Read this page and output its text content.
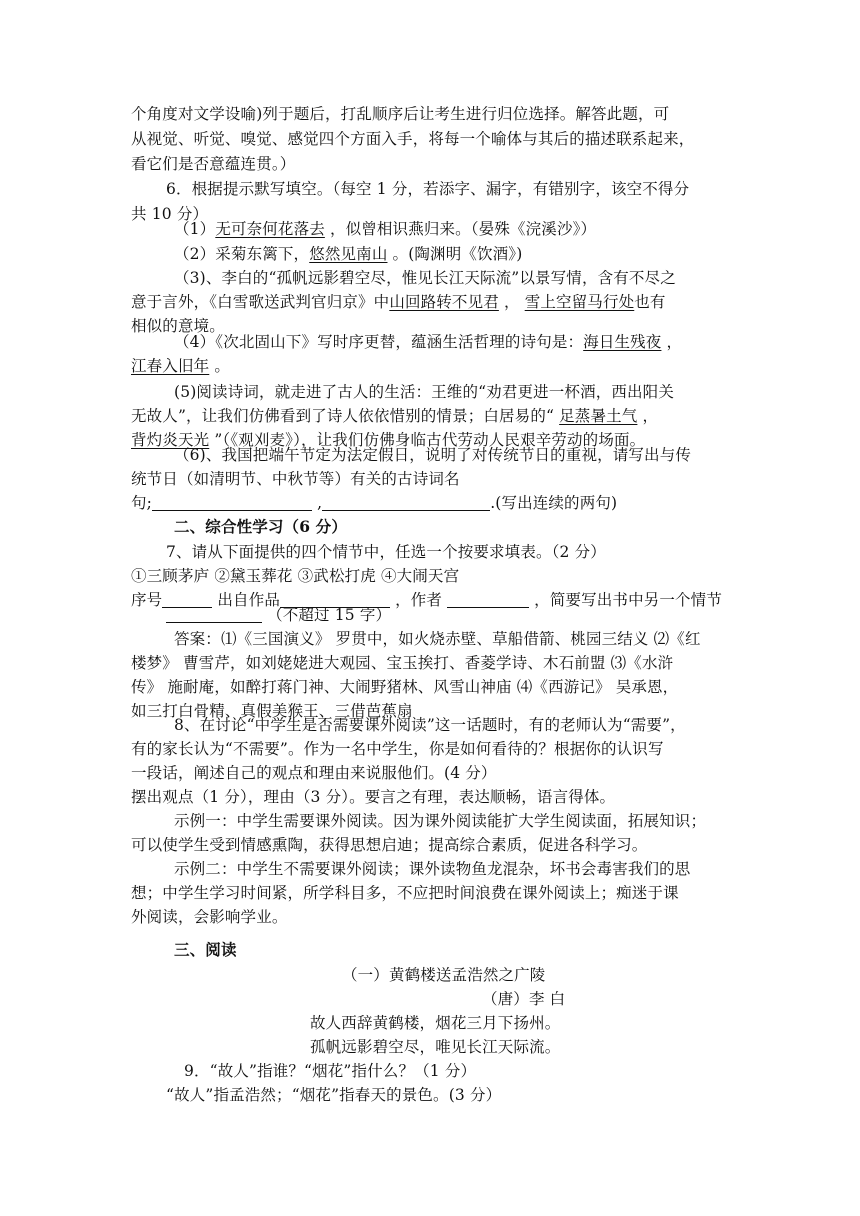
个角度对文学设喻)列于题后，打乱顺序后让考生进行归位选择。解答此题，可
从视觉、听觉、嗅觉、感觉四个方面入手，将每一个喻体与其后的描述联系起来，
看它们是否意蕴连贯。）
6．根据提示默写填空。（每空 1 分，若添字、漏字，有错别字，该空不得分
共 10 分）
（1）无可奈何花落去 ，似曾相识燕归来。（晏殊《浣溪沙》）
（2）采菊东篱下，悠然见南山 。(陶渊明《饮酒》)
（3)、李白的“孤帆远影碧空尽，惟见长江天际流”以景写情，含有不尽之
意于言外，《白雪歌送武判官归京》中山回路转不见君 ， 雪上空留马行处也有
相似的意境。
（4）《次北固山下》写时序更替，蕴涵生活哲理的诗句是：海日生残夜 ，
江春入旧年 。
(5)阅读诗词，就走进了古人的生活：王维的“劝君更进一杯酒，西出阳关
无故人”，让我们仿佛看到了诗人依依惜别的情景；白居易的“ 足蒸暑土气 ，
背灼炎天光 ”（《观刈麦》），让我们仿佛身临古代劳动人民艰辛劳动的场面。
（6)、我国把端午节定为法定假日，说明了对传统节日的重视，请写出与传
统节日（如清明节、中秋节等）有关的古诗词名
句;	,	.(写出连续的两句)
二、综合性学习（6 分）
7、请从下面提供的四个情节中，任选一个按要求填表。（2 分）
①三顾茅庐 ②黛玉葬花 ③武松打虎 ④大闹天宫
序号	出自作品	，作者	，简要写出书中另一个情节
（不超过 15 字）
答案：⑴《三国演义》 罗贯中，如火烧赤壁、草船借箭、桃园三结义 ⑵《红
楼梦》 曹雪芹，如刘姥姥进大观园、宝玉挨打、香菱学诗、木石前盟 ⑶《水浒
传》 施耐庵，如醉打蒋门神、大闹野猪林、风雪山神庙 ⑷《西游记》 吴承恩，
如三打白骨精、真假美猴王、三借芭蕉扇
8、在讨论“中学生是否需要课外阅读”这一话题时，有的老师认为“需要”，
有的家长认为“不需要”。作为一名中学生，你是如何看待的？根据你的认识写
一段话，阐述自己的观点和理由来说服他们。(4 分）
摆出观点（1 分），理由（3 分）。要言之有理，表达顺畅，语言得体。
示例一：中学生需要课外阅读。因为课外阅读能扩大学生阅读面，拓展知识；
可以使学生受到情感熏陶，获得思想启迪；提高综合素质，促进各科学习。
示例二：中学生不需要课外阅读；课外读物鱼龙混杂，坏书会毒害我们的思
想；中学生学习时间紧，所学科目多，不应把时间浪费在课外阅读上；痴迷于课
外阅读，会影响学业。
三、阅读
（一）黄鹤楼送孟浩然之广陵
（唐）李 白
故人西辞黄鹤楼，烟花三月下扬州。
孤帆远影碧空尽，唯见长江天际流。
9．“故人”指谁？“烟花”指什么？（1 分）
“故人”指孟浩然；“烟花”指春天的景色。(3 分）
